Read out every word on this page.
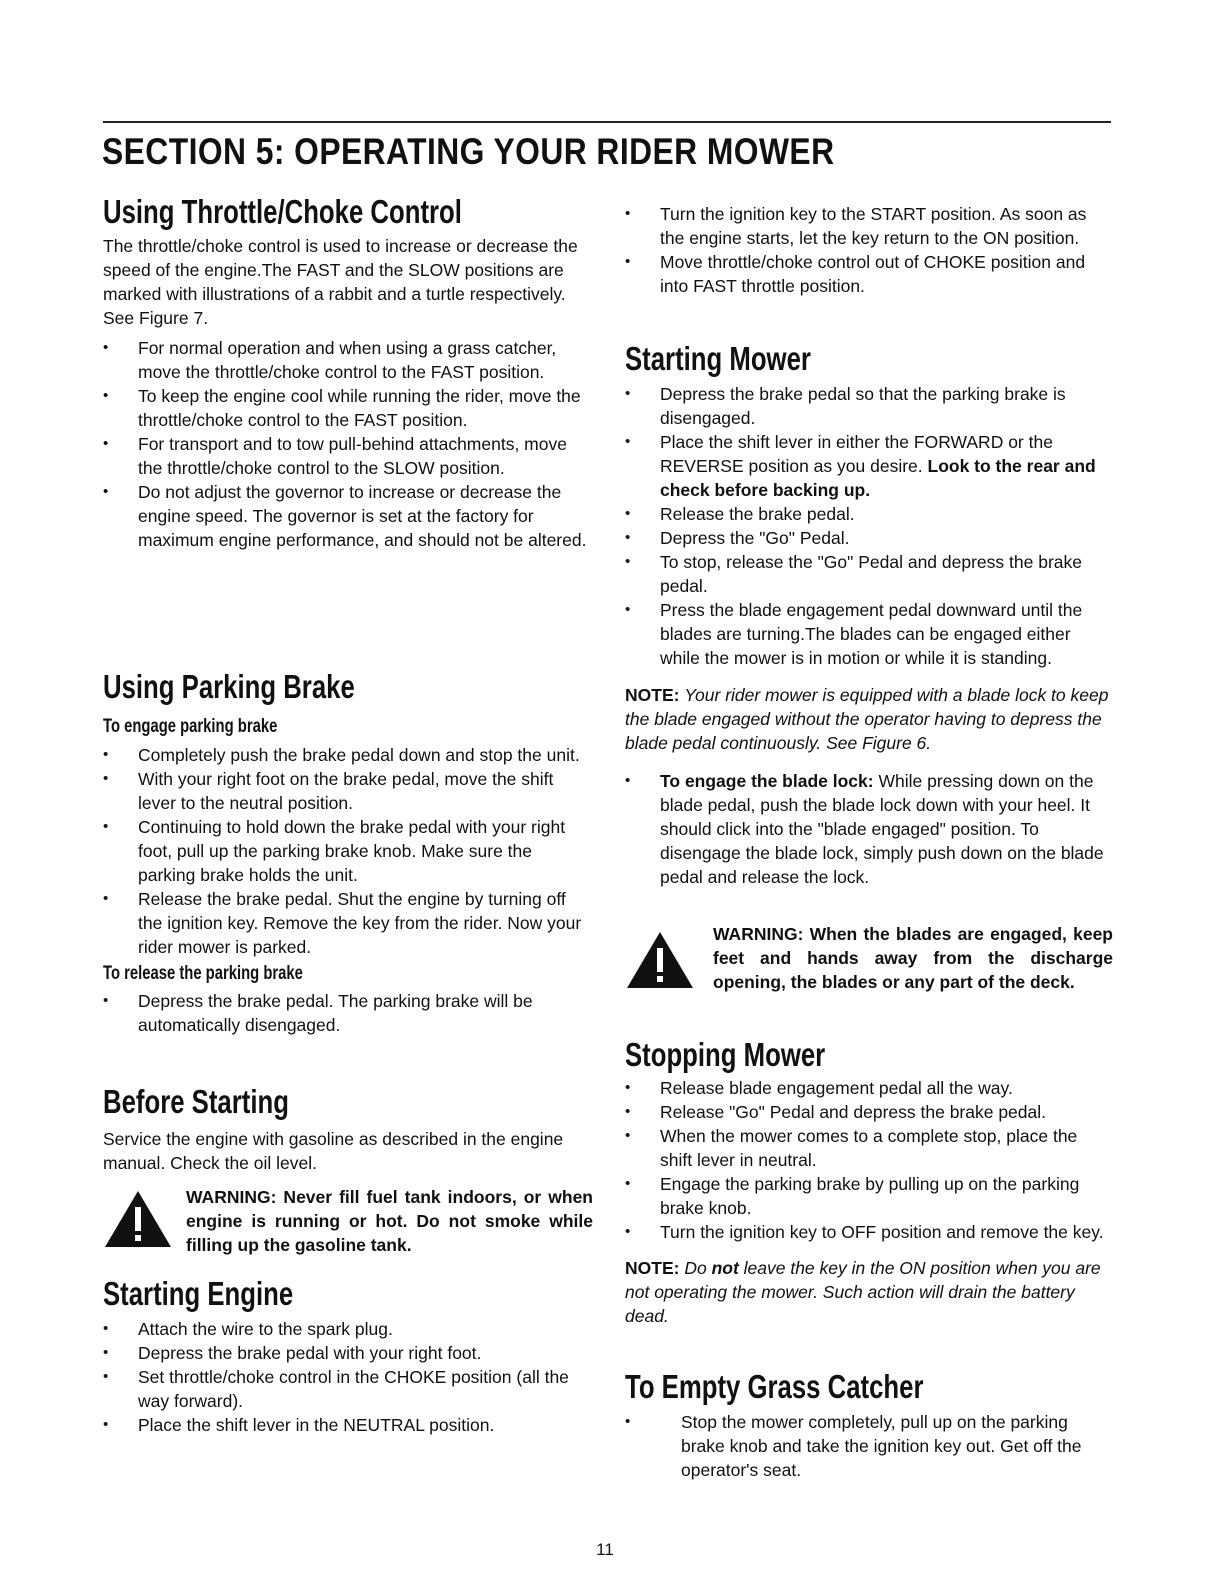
SECTION 5: OPERATING YOUR RIDER MOWER
Using Throttle/Choke Control

The throttle/choke control is used to increase or decrease the speed of the engine.The FAST and the SLOW positions are marked with illustrations of a rabbit and a turtle respectively. See Figure 7.

• For normal operation and when using a grass catcher, move the throttle/choke control to the FAST position.
• To keep the engine cool while running the rider, move the throttle/choke control to the FAST position.
• For transport and to tow pull-behind attachments, move the throttle/choke control to the SLOW position.
• Do not adjust the governor to increase or decrease the engine speed. The governor is set at the factory for maximum engine performance, and should not be altered.
Using Parking Brake
To engage parking brake
• Completely push the brake pedal down and stop the unit.
• With your right foot on the brake pedal, move the shift lever to the neutral position.
• Continuing to hold down the brake pedal with your right foot, pull up the parking brake knob. Make sure the parking brake holds the unit.
• Release the brake pedal. Shut the engine by turning off the ignition key. Remove the key from the rider. Now your rider mower is parked.
To release the parking brake
• Depress the brake pedal. The parking brake will be automatically disengaged.
Before Starting

Service the engine with gasoline as described in the engine manual. Check the oil level.

WARNING: Never fill fuel tank indoors, or when engine is running or hot. Do not smoke while filling up the gasoline tank.
Starting Engine
• Attach the wire to the spark plug.
• Depress the brake pedal with your right foot.
• Set throttle/choke control in the CHOKE position (all the way forward).
• Place the shift lever in the NEUTRAL position.
• Turn the ignition key to the START position. As soon as the engine starts, let the key return to the ON position.
• Move throttle/choke control out of CHOKE position and into FAST throttle position.
Starting Mower
• Depress the brake pedal so that the parking brake is disengaged.
• Place the shift lever in either the FORWARD or the REVERSE position as you desire. Look to the rear and check before backing up.
• Release the brake pedal.
• Depress the "Go" Pedal.
• To stop, release the "Go" Pedal and depress the brake pedal.
• Press the blade engagement pedal downward until the blades are turning.The blades can be engaged either while the mower is in motion or while it is standing.

NOTE: Your rider mower is equipped with a blade lock to keep the blade engaged without the operator having to depress the blade pedal continuously. See Figure 6.

• To engage the blade lock: While pressing down on the blade pedal, push the blade lock down with your heel. It should click into the "blade engaged" position. To disengage the blade lock, simply push down on the blade pedal and release the lock.
WARNING: When the blades are engaged, keep feet and hands away from the discharge opening, the blades or any part of the deck.
Stopping Mower
• Release blade engagement pedal all the way.
• Release "Go" Pedal and depress the brake pedal.
• When the mower comes to a complete stop, place the shift lever in neutral.
• Engage the parking brake by pulling up on the parking brake knob.
• Turn the ignition key to OFF position and remove the key.

NOTE: Do not leave the key in the ON position when you are not operating the mower. Such action will drain the battery dead.

To Empty Grass Catcher
• Stop the mower completely, pull up on the parking brake knob and take the ignition key out. Get off the operator's seat.
11
